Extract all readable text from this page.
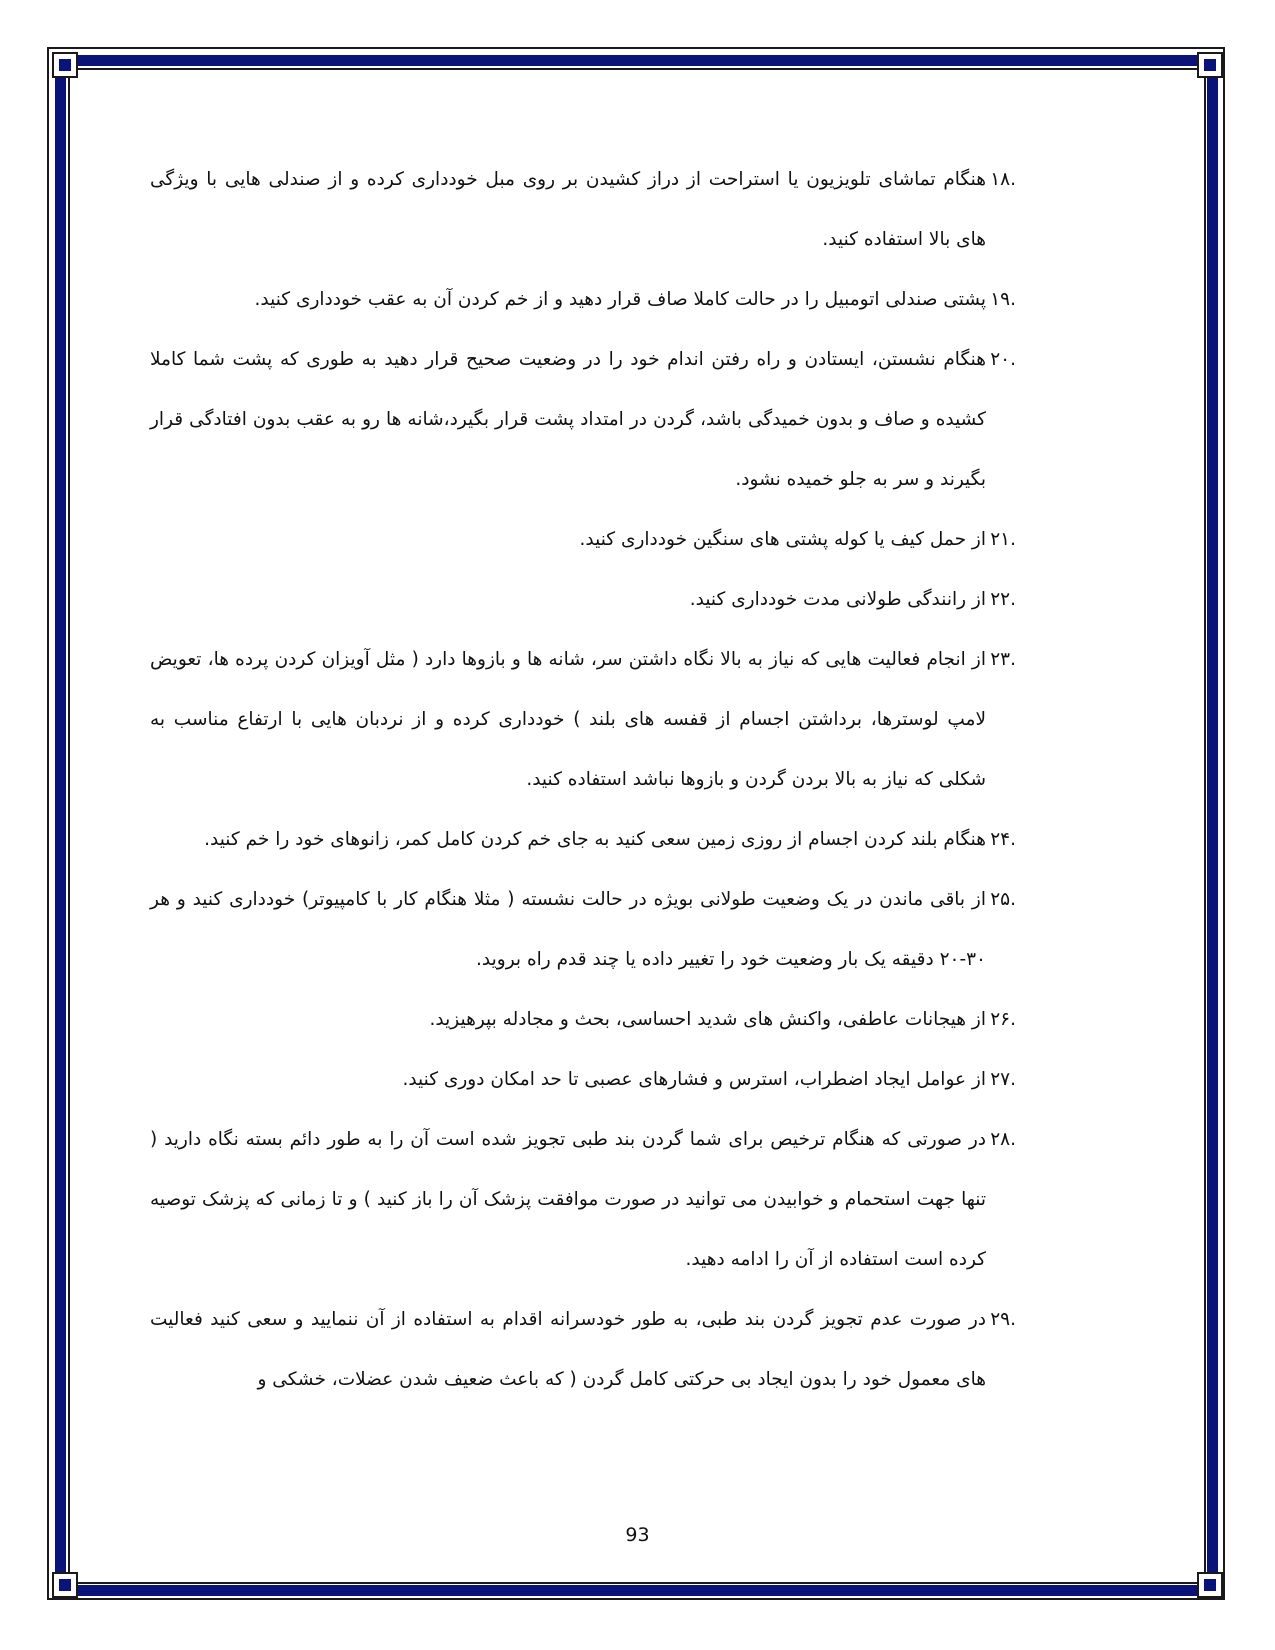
.۱۸
هنگام تماشای تلویزیون یا استراحت از دراز کشیدن بر روی مبل خودداری کرده و از صندلی هایی با ویژگی های بالا استفاده کنید.
.۱۹
پشتی صندلی اتومبیل را در حالت کاملا صاف قرار دهید و از خم کردن آن به عقب خودداری کنید.
.۲۰
هنگام نشستن، ایستادن و راه رفتن اندام خود را در وضعیت صحیح قرار دهید به طوری که پشت شما کاملا کشیده و صاف و بدون خمیدگی باشد، گردن در امتداد پشت قرار بگیرد،شانه ها رو به عقب بدون افتادگی قرار بگیرند و سر به جلو خمیده نشود.
.۲۱
از حمل کیف یا کوله پشتی های سنگین خودداری کنید.
.۲۲
از رانندگی طولانی مدت خودداری کنید.
.۲۳
از انجام فعالیت هایی که نیاز به بالا نگاه داشتن سر، شانه ها و بازوها دارد ( مثل آویزان کردن پرده ها، تعویض لامپ لوسترها، برداشتن اجسام از قفسه های بلند ) خودداری کرده و از نردبان هایی با ارتفاع مناسب به شکلی که نیاز به بالا بردن گردن و بازوها نباشد استفاده کنید.
.۲۴
هنگام بلند کردن اجسام از روزی زمین سعی کنید به جای خم کردن کامل کمر، زانوهای خود را خم کنید.
.۲۵
از باقی ماندن در یک وضعیت طولانی بویژه در حالت نشسته ( مثلا هنگام کار با کامپیوتر) خودداری کنید و هر ۳۰-۲۰ دقیقه یک بار وضعیت خود را تغییر داده یا چند قدم راه بروید.
.۲۶
از هیجانات عاطفی، واکنش های شدید احساسی، بحث و مجادله بپرهیزید.
.۲۷
از عوامل ایجاد اضطراب، استرس و فشارهای عصبی تا حد امکان دوری کنید.
.۲۸
در صورتی که هنگام ترخیص برای شما گردن بند طبی تجویز شده است آن را به طور دائم بسته نگاه دارید ( تنها جهت استحمام و خوابیدن می توانید در صورت موافقت پزشک آن را باز کنید ) و تا زمانی که پزشک توصیه کرده است استفاده از آن را ادامه دهید.
.۲۹
در صورت عدم تجویز گردن بند طبی، به طور خودسرانه اقدام به استفاده از آن ننمایید و سعی کنید فعالیت های معمول خود را بدون ایجاد بی حرکتی کامل گردن ( که باعث ضعیف شدن عضلات، خشکی و
93
